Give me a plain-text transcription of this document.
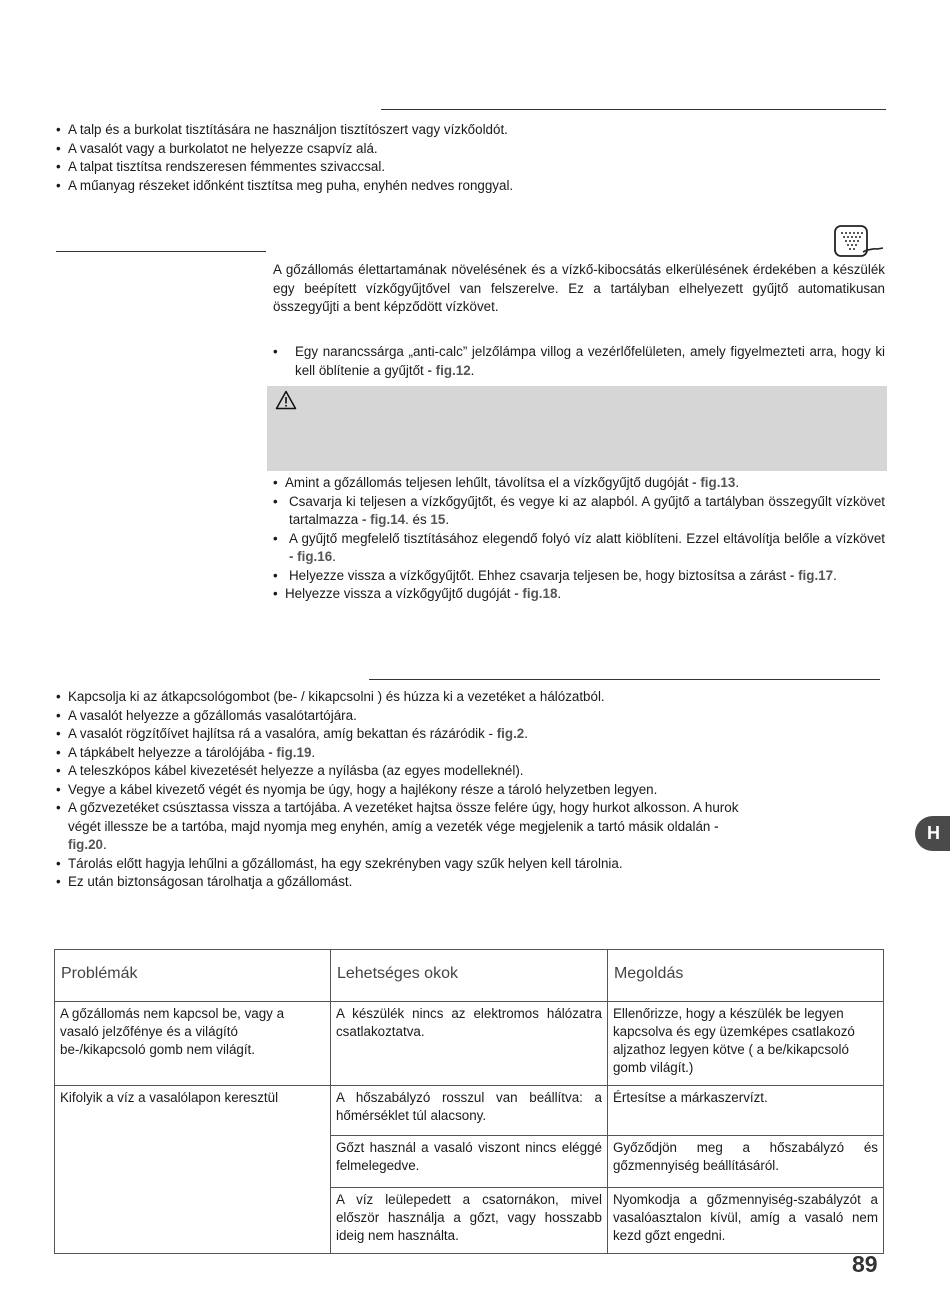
• A talp és a burkolat tisztítására ne használjon tisztítószert vagy vízkőoldót.
• A vasalót vagy a burkolatot ne helyezze csapvíz alá.
• A talpat tisztítsa rendszeresen fémmentes szivaccsal.
• A műanyag részeket időnként tisztítsa meg puha, enyhén nedves ronggyal.
A gőzállomás élettartamának növelésének és a vízkő-kibocsátás elkerülésének érdekében a készülék egy beépített vízkőgyűjtővel van felszerelve. Ez a tartályban elhelyezett gyűjtő automatikusan összegyűjti a bent képződött vízkövet.
• Egy narancssárga „anti-calc” jelzőlámpa villog a vezérlőfelületen, amely figyelmezteti arra, hogy ki kell öblítenie a gyűjtőt - fig.12.
• Amint a gőzállomás teljesen lehűlt, távolítsa el a vízkőgyűjtő dugóját - fig.13.
• Csavarja ki teljesen a vízkőgyűjtőt, és vegye ki az alapból. A gyűjtő a tartályban összegyűlt vízkövet tartalmazza - fig.14. és 15.
• A gyűjtő megfelelő tisztításához elegendő folyó víz alatt kiöblíteni. Ezzel eltávolítja belőle a vízkövet - fig.16.
• Helyezze vissza a vízkőgyűjtőt. Ehhez csavarja teljesen be, hogy biztosítsa a zárást - fig.17.
• Helyezze vissza a vízkőgyűjtő dugóját - fig.18.
• Kapcsolja ki az átkapcsológombot (be- / kikapcsolni ) és húzza ki a vezetéket a hálózatból.
• A vasalót helyezze a gőzállomás vasalótartójára.
• A vasalót rögzítőívet hajlítsa rá a vasalóra, amíg bekattan és rázáródik - fig.2.
• A tápkábelt helyezze a tárolójába - fig.19.
• A teleszkópos kábel kivezetését helyezze a nyílásba (az egyes modelleknél).
• Vegye a kábel kivezető végét és nyomja be úgy, hogy a hajlékony része a tároló helyzetben legyen.
• A gőzvezetéket csúsztassa vissza a tartójába. A vezetéket hajtsa össze felére úgy, hogy hurkot alkosson. A hurok végét illessze be a tartóba, majd nyomja meg enyhén, amíg a vezeték vége megjelenik a tartó másik oldalán - fig.20.
• Tárolás előtt hagyja lehűlni a gőzállomást, ha egy szekrényben vagy szűk helyen kell tárolnia.
• Ez után biztonságosan tárolhatja a gőzállomást.
H
Problémák	Lehetséges okok	Megoldás
A gőzállomás nem kapcsol be, vagy a vasaló jelzőfénye és a világító be-/kikapcsoló gomb nem világít.	A készülék nincs az elektromos hálózatra csatlakoztatva.	Ellenőrizze, hogy a készülék be legyen kapcsolva és egy üzemképes csatlakozó aljzathoz legyen kötve ( a be/kikapcsoló gomb világít.)
Kifolyik a víz a vasalólapon keresztül	A hőszabályzó rosszul van beállítva: a hőmérséklet túl alacsony.	Értesítse a márkaszervízt.
	Gőzt használ a vasaló viszont nincs eléggé felmelegedve.	Győződjön meg a hőszabályzó és gőzmennyiség beállításáról.
	A víz leülepedett a csatornákon, mivel először használja a gőzt, vagy hosszabb ideig nem használta.	Nyomkodja a gőzmennyiség-szabályzót a vasalóasztalon kívül, amíg a vasaló nem kezd gőzt engedni.
89
